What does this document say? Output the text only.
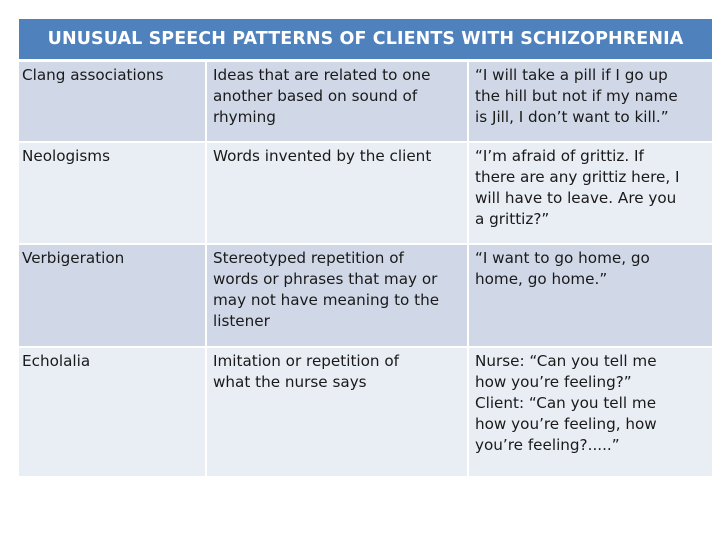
UNUSUAL SPEECH PATTERNS OF CLIENTS WITH SCHIZOPHRENIA		
Clang associations	Ideas that are related to one
another based on sound of
rhyming	“I will take a pill if I go up
the hill but not if my name
is Jill, I don’t want to kill.”

Neologisms	Words invented by the client	“I’m afraid of grittiz. If
there are any grittiz here, I
will have to leave. Are you
a grittiz?”

Verbigeration	Stereotyped repetition of
words or phrases that may or
may not have meaning to the
listener	“I want to go home, go
home, go home.”

Echolalia	Imitation or repetition of
what the nurse says	Nurse: “Can you tell me
how you’re feeling?”
Client: “Can you tell me
how you’re feeling, how
you’re feeling?.....”
